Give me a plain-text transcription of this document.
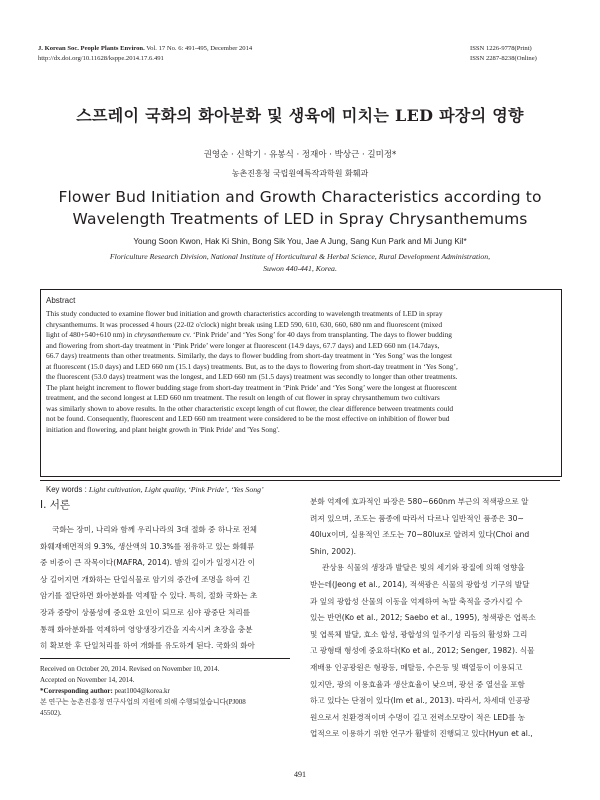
J. Korean Soc. People Plants Environ. Vol. 17 No. 6: 491-495, December 2014
http://dx.doi.org/10.11628/ksppe.2014.17.6.491
ISSN 1226-9778(Print)
ISSN 2287-8238(Online)
스프레이 국화의 화아분화 및 생육에 미치는 LED 파장의 영향
권영순 · 신학기 · 유봉식 · 정재아 · 박상근 · 길미정*
농촌진흥청 국립원예특작과학원 화훼과
Flower Bud Initiation and Growth Characteristics according to
Wavelength Treatments of LED in Spray Chrysanthemums
Young Soon Kwon, Hak Ki Shin, Bong Sik You, Jae A Jung, Sang Kun Park and Mi Jung Kil*
Floriculture Research Division, National Institute of Horticultural & Herbal Science, Rural Development Administration,
Suwon 440-441, Korea.
Abstract
This study conducted to examine flower bud initiation and growth characteristics according to wavelength treatments of LED in spray
chrysanthemums. It was processed 4 hours (22-02 o'clock) night break using LED 590, 610, 630, 660, 680 nm and fluorescent (mixed
light of 480+540+610 nm) in chrysanthemum cv. ‘Pink Pride’ and ‘Yes Song’ for 40 days from transplanting. The days to flower budding
and flowering from short-day treatment in ‘Pink Pride’ were longer at fluorescent (14.9 days, 67.7 days) and LED 660 nm (14.7days,
66.7 days) treatments than other treatments. Similarly, the days to flower budding from short-day treatment in ‘Yes Song’ was the longest
at fluorescent (15.0 days) and LED 660 nm (15.1 days) treatments. But, as to the days to flowering from short-day treatment in ‘Yes Song’,
the fluorescent (53.0 days) treatment was the longest, and LED 660 nm (51.5 days) treatment was secondly to longer than other treatments.
The plant height increment to flower budding stage from short-day treatment in ‘Pink Pride’ and ‘Yes Song’ were the longest at fluorescent
treatment, and the second longest at LED 660 nm treatment. The result on length of cut flower in spray chrysanthemum two cultivars
was similarly shown to above results. In the other characteristic except length of cut flower, the clear difference between treatments could
not be found. Consequently, fluorescent and LED 660 nm treatment were considered to be the most effective on inhibition of flower bud
initiation and flowering, and plant height growth in 'Pink Pride' and 'Yes Song'.
Key words : Light cultivation, Light quality, ‘Pink Pride’, ‘Yes Song’
Ⅰ. 서론
국화는 장미, 나리와 함께 우리나라의 3대 절화 중 하나로 전체
화훼재배면적의 9.3%, 생산액의 10.3%를 점유하고 있는 화훼류
중 비중이 큰 작목이다(MAFRA, 2014). 밤의 길이가 일정시간 이
상 길어지면 개화하는 단일식물로 암기의 중간에 조명을 하여 긴
암기를 절단하면 화아분화를 억제할 수 있다. 특히, 절화 국화는 초
장과 중량이 상품성에 중요한 요인이 되므로 심야 광중단 처리를
통해 화아분화를 억제하여 영양생장기간을 지속시켜 초장을 충분
히 확보한 후 단일처리를 하여 개화를 유도하게 된다. 국화의 화아
분화 억제에 효과적인 파장은 580~660nm 부근의 적색광으로 알
려져 있으며, 조도는 품종에 따라서 다르나 일반적인 품종은 30~
40lux이며, 실용적인 조도는 70~80lux로 알려져 있다(Choi and
Shin, 2002).
관상용 식물의 생장과 발달은 빛의 세기와 광질에 의해 영향을
받는데(Jeong et al., 2014), 적색광은 식물의 광합성 기구의 발달
과 잎의 광합성 산물의 이동을 억제하여 녹말 축적을 증가시킬 수
있는 반면(Ko et al., 2012; Saebo et al., 1995), 청색광은 엽록소
및 엽록체 발달, 효소 합성, 광합성의 일주기성 리듬의 활성화 그리
고 광형태 형성에 중요하다(Ko et al., 2012; Senger, 1982). 식물
재배용 인공광원은 형광등, 메탈등, 수은등 및 백열등이 이용되고
있지만, 광의 이용효율과 생산효율이 낮으며, 광선 중 열선을 포함
하고 있다는 단점이 있다(Im et al., 2013). 따라서, 차세대 인공광
원으로서 친환경적이며 수명이 길고 전력소모량이 적은 LED를 농
업적으로 이용하기 위한 연구가 활발히 진행되고 있다(Hyun et al.,
Received on October 20, 2014. Revised on November 10, 2014.
Accepted on November 14, 2014.
*Corresponding author: peat1004@korea.kr
본 연구는 농촌진흥청 연구사업의 지원에 의해 수행되었습니다(PJ008
45502).
491
